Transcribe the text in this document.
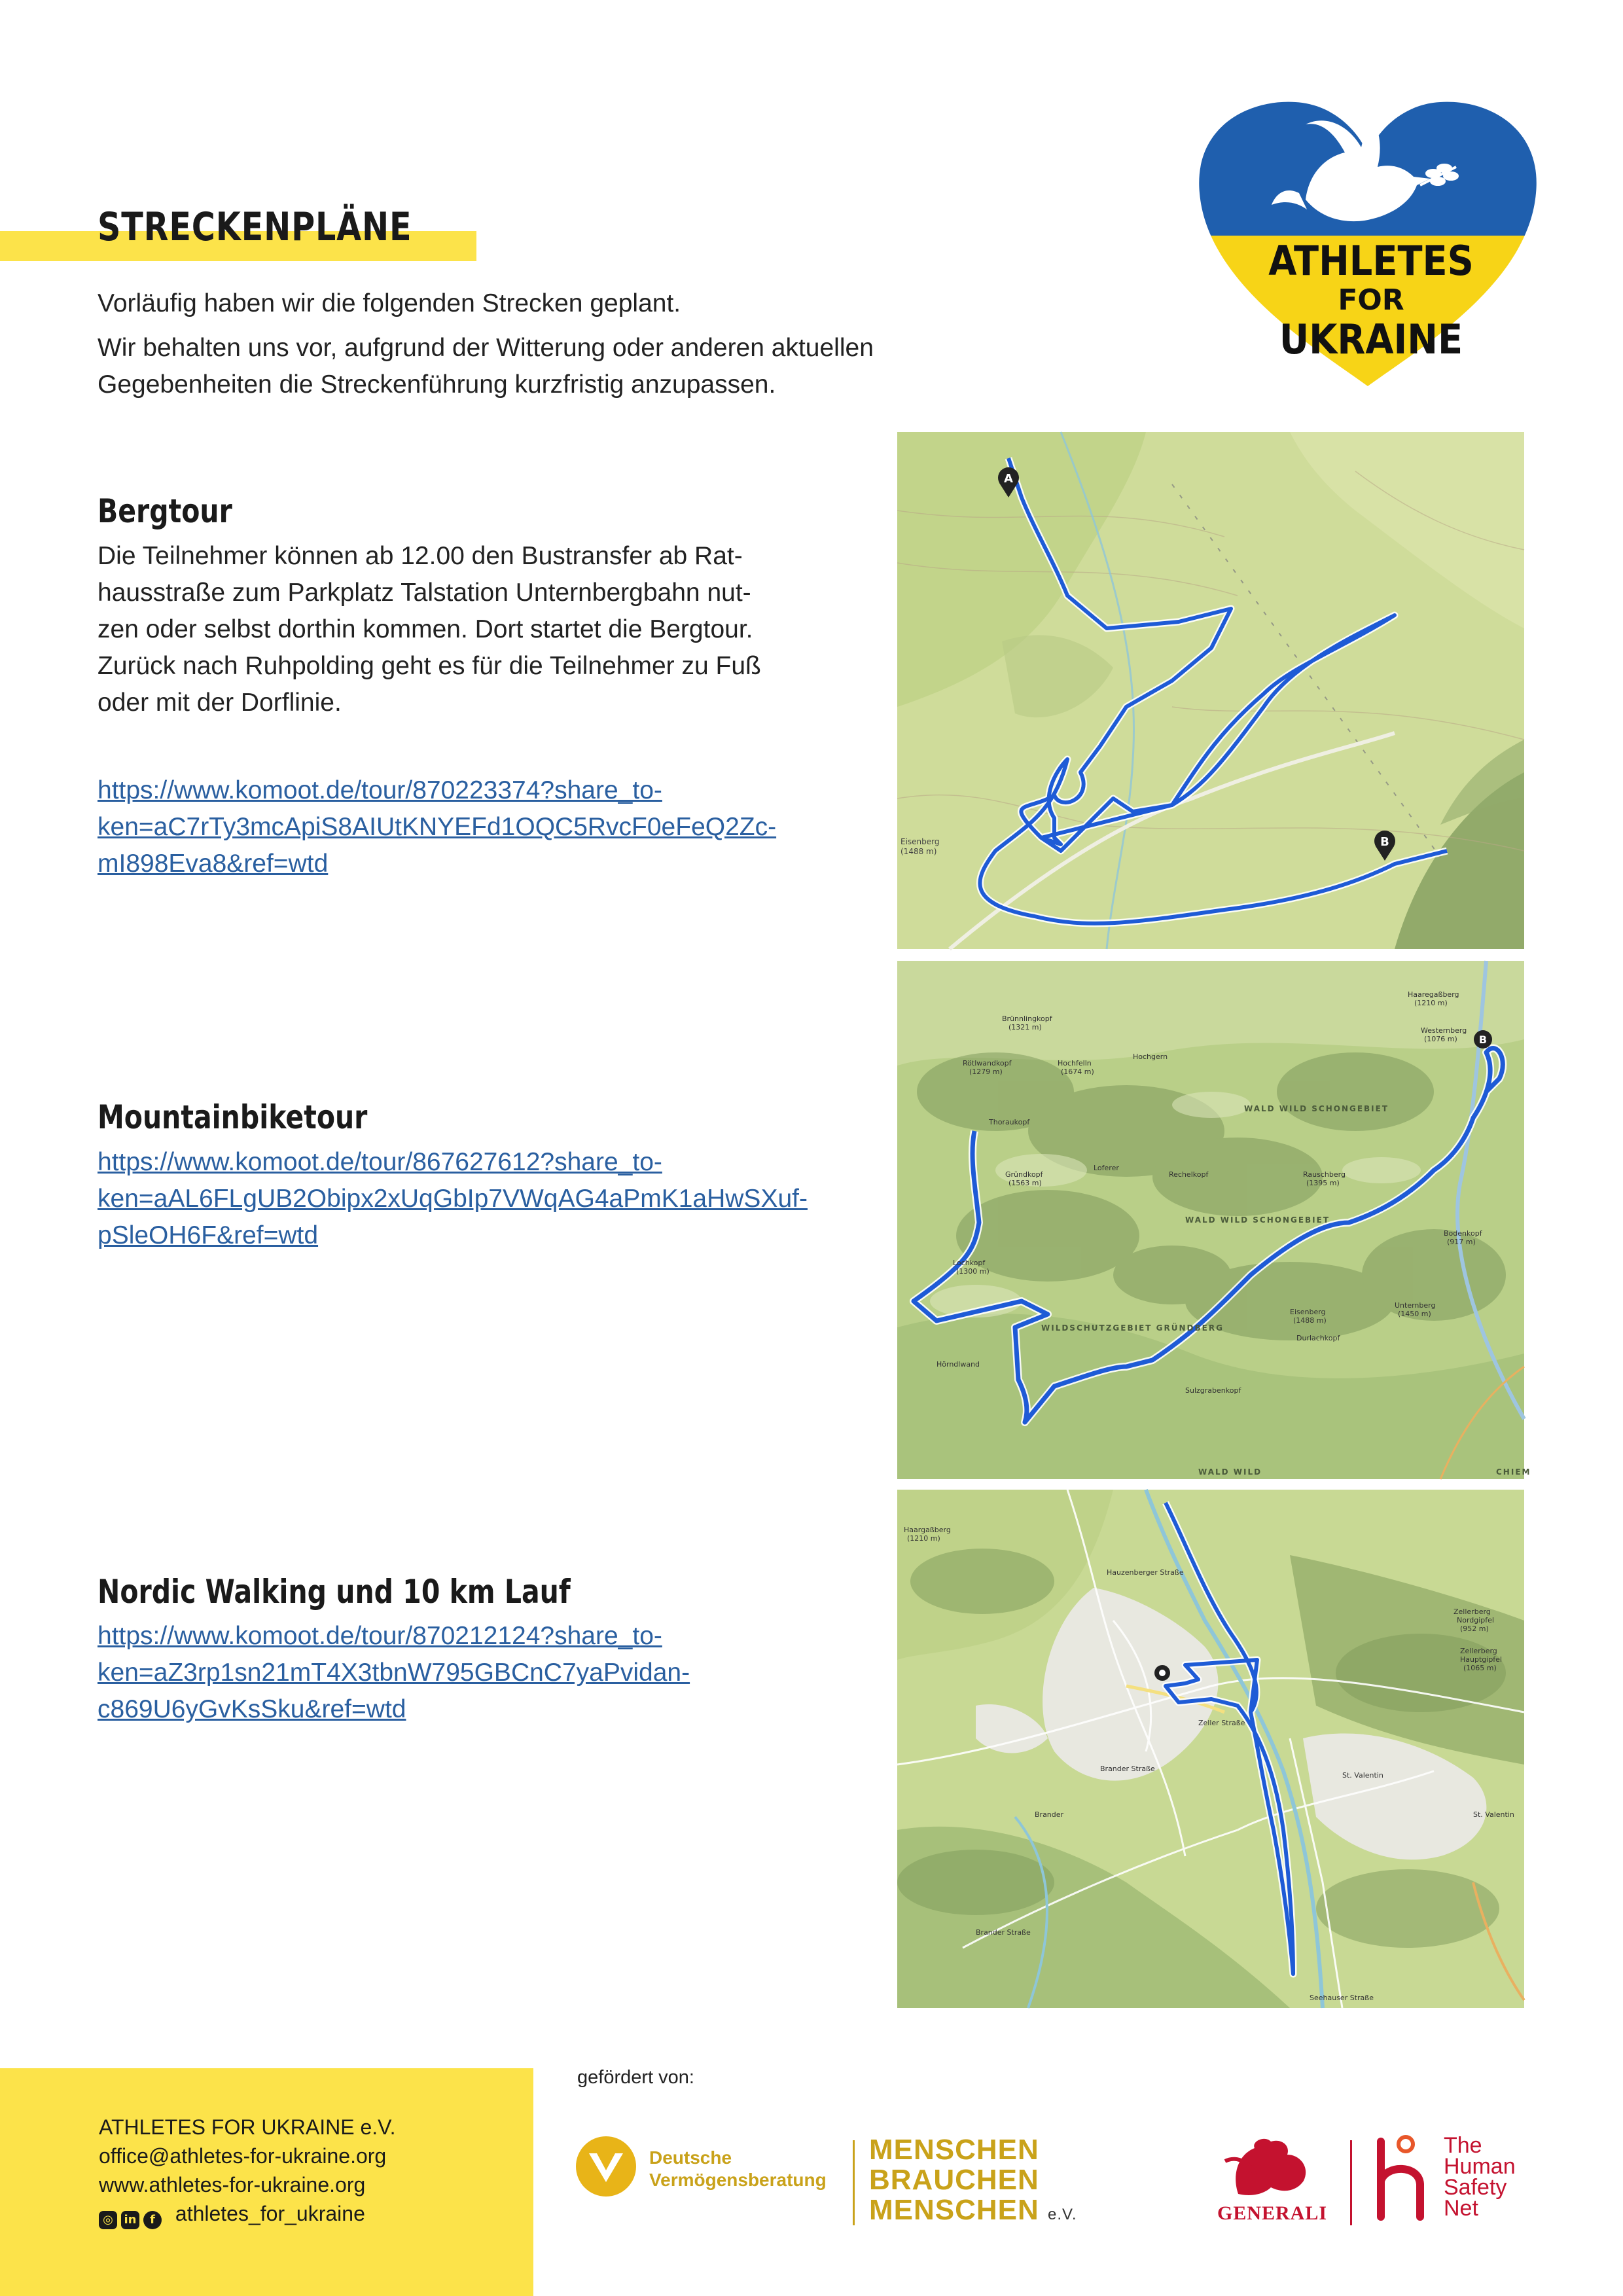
STRECKENPLÄNE

Vorläufig haben wir die folgenden Strecken geplant.

Wir behalten uns vor, aufgrund der Witterung oder anderen aktuellen

Gegebenheiten die Streckenführung kurzfristig anzupassen.

ATHLETES
FOR
UKRAINE
Bergtour

Die Teilnehmer können ab 12.00 den Bustransfer ab Rat-

hausstraße zum Parkplatz Talstation Unternbergbahn nut-

zen oder selbst dorthin kommen. Dort startet die Bergtour.

Zurück nach Ruhpolding geht es für die Teilnehmer zu Fuß

oder mit der Dorflinie.

https://www.komoot.de/tour/870223374?share_to-

ken=aC7rTy3mcApiS8AIUtKNYEFd1OQC5RvcF0eFeQ2Zc-

mI898Eva8&ref=wtd

A
B
Eisenberg
(1488 m)
Mountainbiketour

https://www.komoot.de/tour/867627612?share_to-

ken=aAL6FLgUB2Obipx2xUqGbIp7VWqAG4aPmK1aHwSXuf-

pSleOH6F&ref=wtd

B
Brünnlingkopf
(1321 m)
Rötlwandkopf
(1279 m)
Hochfelln
(1674 m)
Thoraukopf
Gründkopf
(1563 m)
Rechelkopf
Hochgern
Loferer
Lochkopf
(1300 m)
Hörndlwand
Eisenberg
(1488 m)
Unternberg
(1450 m)
Bodenkopf
(917 m)
Durlachkopf
Haaregaßberg
(1210 m)
Westernberg
(1076 m)
Rauschberg
(1395 m)
Sulzgrabenkopf
WALD WILD SCHONGEBIET
WALD WILD SCHONGEBIET
WILDSCHUTZGEBIET GRÜNDBERG
WALD WILD	CHIEM
Nordic Walking und 10 km Lauf

https://www.komoot.de/tour/870212124?share_to-

ken=aZ3rp1sn21mT4X3tbnW795GBCnC7yaPvidan-

c869U6yGvKsSku&ref=wtd

Haargaßberg
(1210 m)
Zellerberg
Nordgipfel
(952 m)
Zellerberg
Hauptgipfel
(1065 m)
Zeller Straße
Brander Straße
St. Valentin
Hauzenberger Straße
Brander Straße
Seehauser Straße
Brander	St. Valentin

ATHLETES FOR UKRAINE e.V.

office@athletes-for-ukraine.org

www.athletes-for-ukraine.org

◎ in f athletes_for_ukraine

gefördert von:
Deutsche
Vermögensberatung
MENSCHEN
BRAUCHEN
MENSCHEN e.V.	GENERALI
The
Human
Safety
Net
